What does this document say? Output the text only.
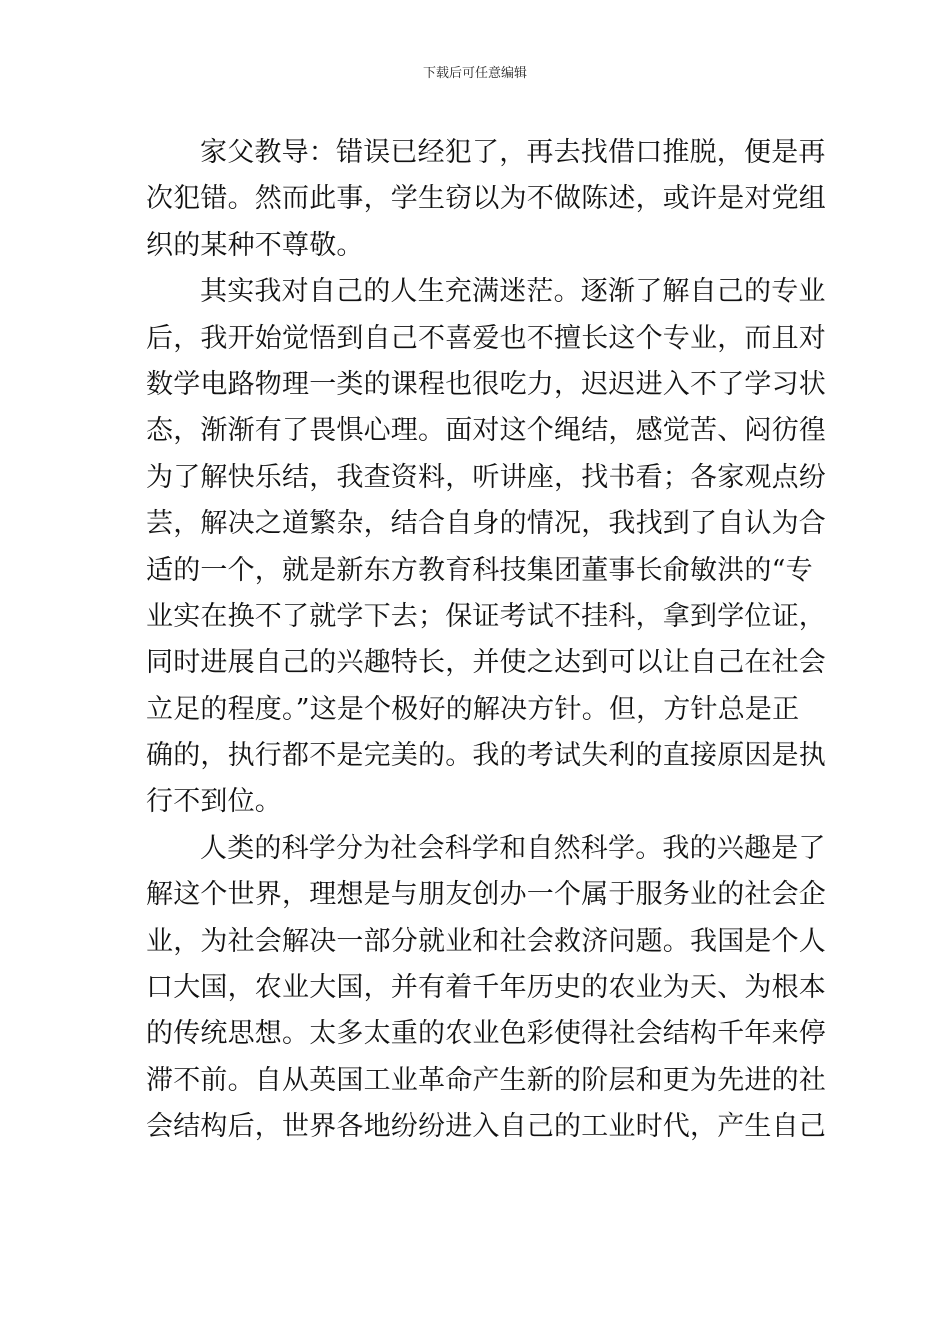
下载后可任意编辑
家父教导：错误已经犯了，再去找借口推脱，便是再
次犯错。然而此事，学生窃以为不做陈述，或许是对党组
织的某种不尊敬。
其实我对自己的人生充满迷茫。逐渐了解自己的专业
后，我开始觉悟到自己不喜爱也不擅长这个专业，而且对
数学电路物理一类的课程也很吃力，迟迟进入不了学习状
态，渐渐有了畏惧心理。面对这个绳结，感觉苦、闷彷徨
为了解快乐结，我查资料，听讲座，找书看；各家观点纷
芸，解决之道繁杂，结合自身的情况，我找到了自认为合
适的一个，就是新东方教育科技集团董事长俞敏洪的“专
业实在换不了就学下去；保证考试不挂科，拿到学位证，
同时进展自己的兴趣特长，并使之达到可以让自己在社会
立足的程度。”这是个极好的解决方针。但，方针总是正
确的，执行都不是完美的。我的考试失利的直接原因是执
行不到位。
人类的科学分为社会科学和自然科学。我的兴趣是了
解这个世界，理想是与朋友创办一个属于服务业的社会企
业，为社会解决一部分就业和社会救济问题。我国是个人
口大国，农业大国，并有着千年历史的农业为天、为根本
的传统思想。太多太重的农业色彩使得社会结构千年来停
滞不前。自从英国工业革命产生新的阶层和更为先进的社
会结构后，世界各地纷纷进入自己的工业时代，产生自己
